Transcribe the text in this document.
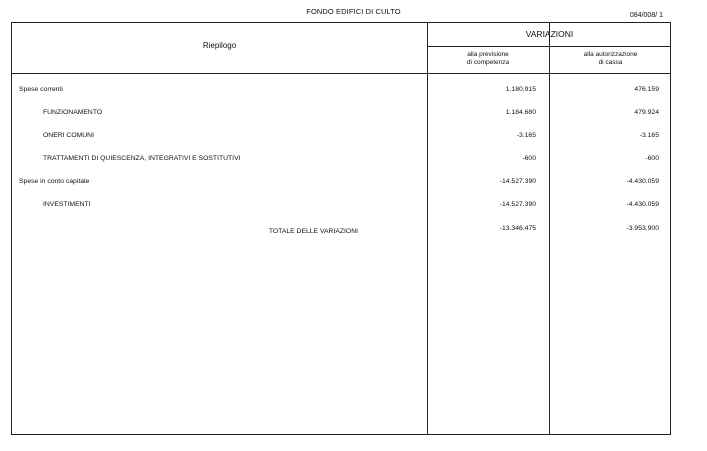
FONDO EDIFICI DI CULTO	084/008/ 1
Riepilogo
VARIAZIONI
alla previsione
di competenza
alla autorizzazione
di cassa
Spese correnti	1.180.915	476.159
FUNZIONAMENTO	1.184.680	479.924
ONERI COMUNI	-3.165	-3.165
TRATTAMENTI DI QUIESCENZA, INTEGRATIVI E SOSTITUTIVI	-600	-600
Spese in conto capitale	-14.527.390	-4.430.059
INVESTIMENTI	-14.527.390	-4.430.059
TOTALE DELLE VARIAZIONI	-13.346.475	-3.953.900
